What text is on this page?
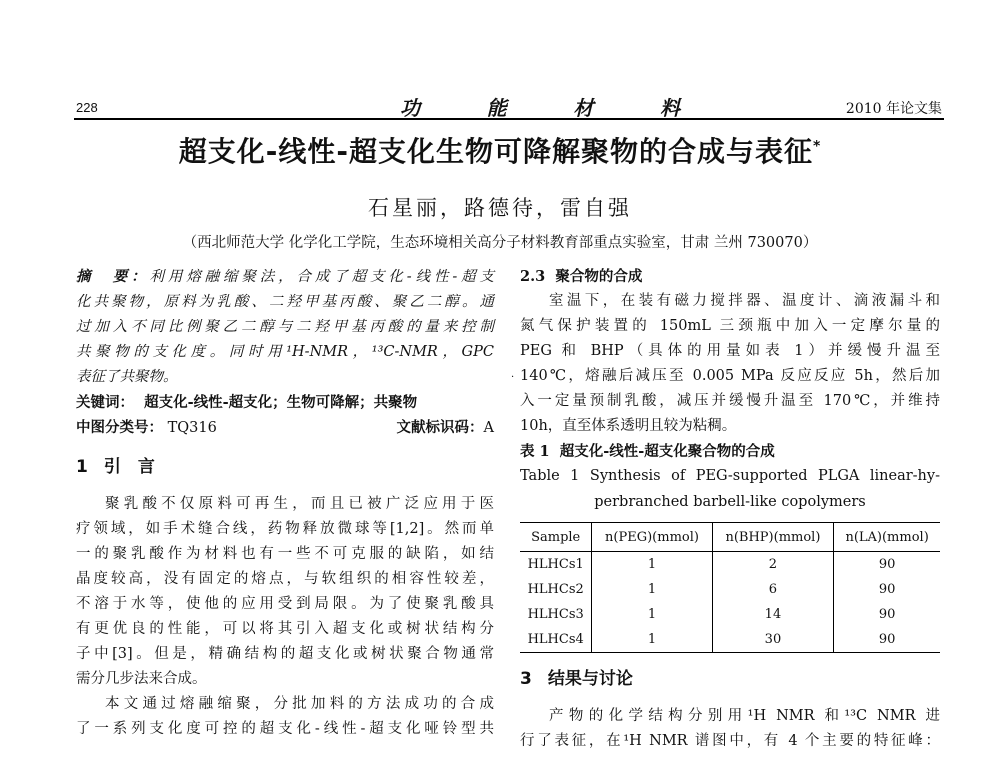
228	功	能	材	料	2010 年论文集
超支化-线性-超支化生物可降解聚物的合成与表征*
石星丽，路德待，雷自强
（西北师范大学 化学化工学院，生态环境相关高分子材料教育部重点实验室，甘肃 兰州 730070）
·

摘　要：利用熔融缩聚法，合成了超支化-线性-超支

化共聚物，原料为乳酸、二羟甲基丙酸、聚乙二醇。通

过加入不同比例聚乙二醇与二羟甲基丙酸的量来控制

共聚物的支化度。同时用¹H-NMR，¹³C-NMR，GPC

表征了共聚物。

关键词： 超支化-线性-超支化；生物可降解；共聚物

中图分类号： TQ316	文献标识码：A
1 引　言

聚乳酸不仅原料可再生，而且已被广泛应用于医

疗领域，如手术缝合线，药物释放微球等[1,2]。然而单

一的聚乳酸作为材料也有一些不可克服的缺陷，如结

晶度较高，没有固定的熔点，与软组织的相容性较差，

不溶于水等，使他的应用受到局限。为了使聚乳酸具

有更优良的性能，可以将其引入超支化或树状结构分

子中[3]。但是，精确结构的超支化或树状聚合物通常

需分几步法来合成。

本文通过熔融缩聚，分批加料的方法成功的合成

了一系列支化度可控的超支化-线性-超支化哑铃型共

2.3 聚合物的合成

室温下，在装有磁力搅拌器、温度计、滴液漏斗和

氮气保护装置的 150mL 三颈瓶中加入一定摩尔量的

PEG 和 BHP（具体的用量如表 1）并缓慢升温至

140℃，熔融后减压至 0.005 MPa 反应反应 5h，然后加

入一定量预制乳酸，减压并缓慢升温至 170℃，并维持

10h，直至体系透明且较为粘稠。

表 1 超支化-线性-超支化聚合物的合成

Table 1 Synthesis of PEG-supported PLGA linear-hy-

perbranched barbell-like copolymers

Sample	n(PEG)(mmol)	n(BHP)(mmol)	n(LA)(mmol)
HLHCs1	1	2	90
HLHCs2	1	6	90
HLHCs3	1	14	90
HLHCs4	1	30	90
3 结果与讨论

产物的化学结构分别用¹H NMR 和¹³C NMR 进

行了表征，在¹H NMR 谱图中，有 4 个主要的特征峰：
